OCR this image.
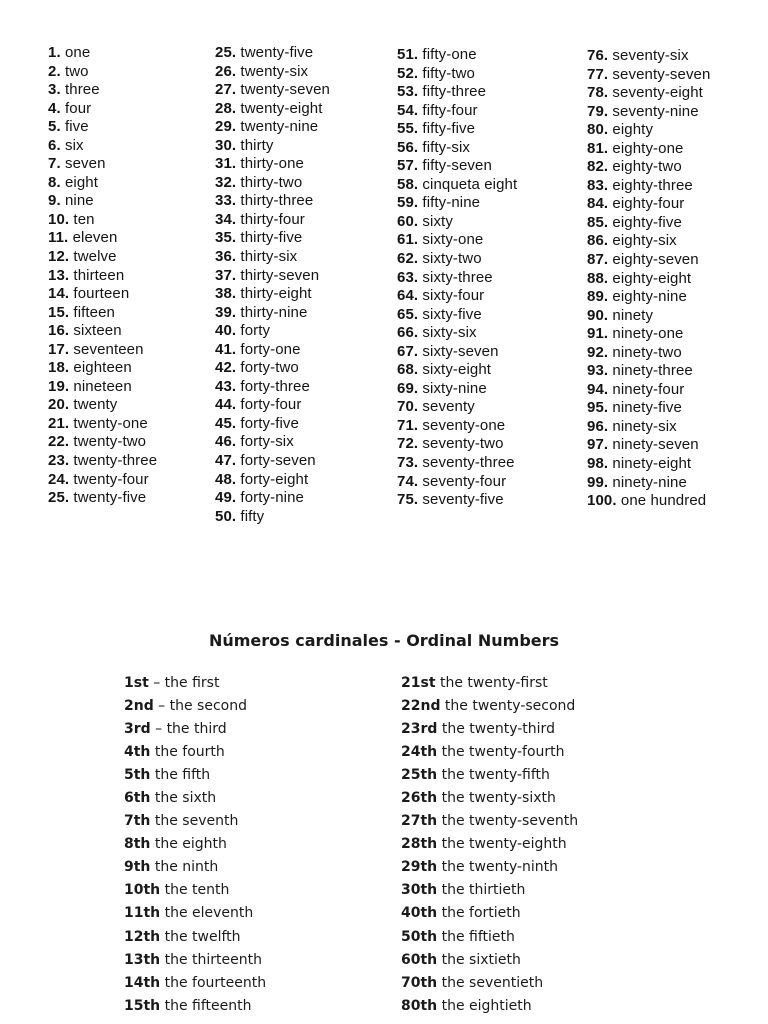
1. one
2. two
3. three
4. four
5. five
6. six
7. seven
8. eight
9. nine
10. ten
11. eleven
12. twelve
13. thirteen
14. fourteen
15. fifteen
16. sixteen
17. seventeen
18. eighteen
19. nineteen
20. twenty
21. twenty-one
22. twenty-two
23. twenty-three
24. twenty-four
25. twenty-five
25. twenty-five
26. twenty-six
27. twenty-seven
28. twenty-eight
29. twenty-nine
30. thirty
31. thirty-one
32. thirty-two
33. thirty-three
34. thirty-four
35. thirty-five
36. thirty-six
37. thirty-seven
38. thirty-eight
39. thirty-nine
40. forty
41. forty-one
42. forty-two
43. forty-three
44. forty-four
45. forty-five
46. forty-six
47. forty-seven
48. forty-eight
49. forty-nine
50. fifty
51. fifty-one
52. fifty-two
53. fifty-three
54. fifty-four
55. fifty-five
56. fifty-six
57. fifty-seven
58. cinqueta eight
59. fifty-nine
60. sixty
61. sixty-one
62. sixty-two
63. sixty-three
64. sixty-four
65. sixty-five
66. sixty-six
67. sixty-seven
68. sixty-eight
69. sixty-nine
70. seventy
71. seventy-one
72. seventy-two
73. seventy-three
74. seventy-four
75. seventy-five
76. seventy-six
77. seventy-seven
78. seventy-eight
79. seventy-nine
80. eighty
81. eighty-one
82. eighty-two
83. eighty-three
84. eighty-four
85. eighty-five
86. eighty-six
87. eighty-seven
88. eighty-eight
89. eighty-nine
90. ninety
91. ninety-one
92. ninety-two
93. ninety-three
94. ninety-four
95. ninety-five
96. ninety-six
97. ninety-seven
98. ninety-eight
99. ninety-nine
100. one hundred
Números cardinales - Ordinal Numbers
1st – the first
2nd – the second
3rd – the third
4th the fourth
5th the fifth
6th the sixth
7th the seventh
8th the eighth
9th the ninth
10th the tenth
11th the eleventh
12th the twelfth
13th the thirteenth
14th the fourteenth
15th the fifteenth
21st the twenty-first
22nd the twenty-second
23rd the twenty-third
24th the twenty-fourth
25th the twenty-fifth
26th the twenty-sixth
27th the twenty-seventh
28th the twenty-eighth
29th the twenty-ninth
30th the thirtieth
40th the fortieth
50th the fiftieth
60th the sixtieth
70th the seventieth
80th the eightieth
